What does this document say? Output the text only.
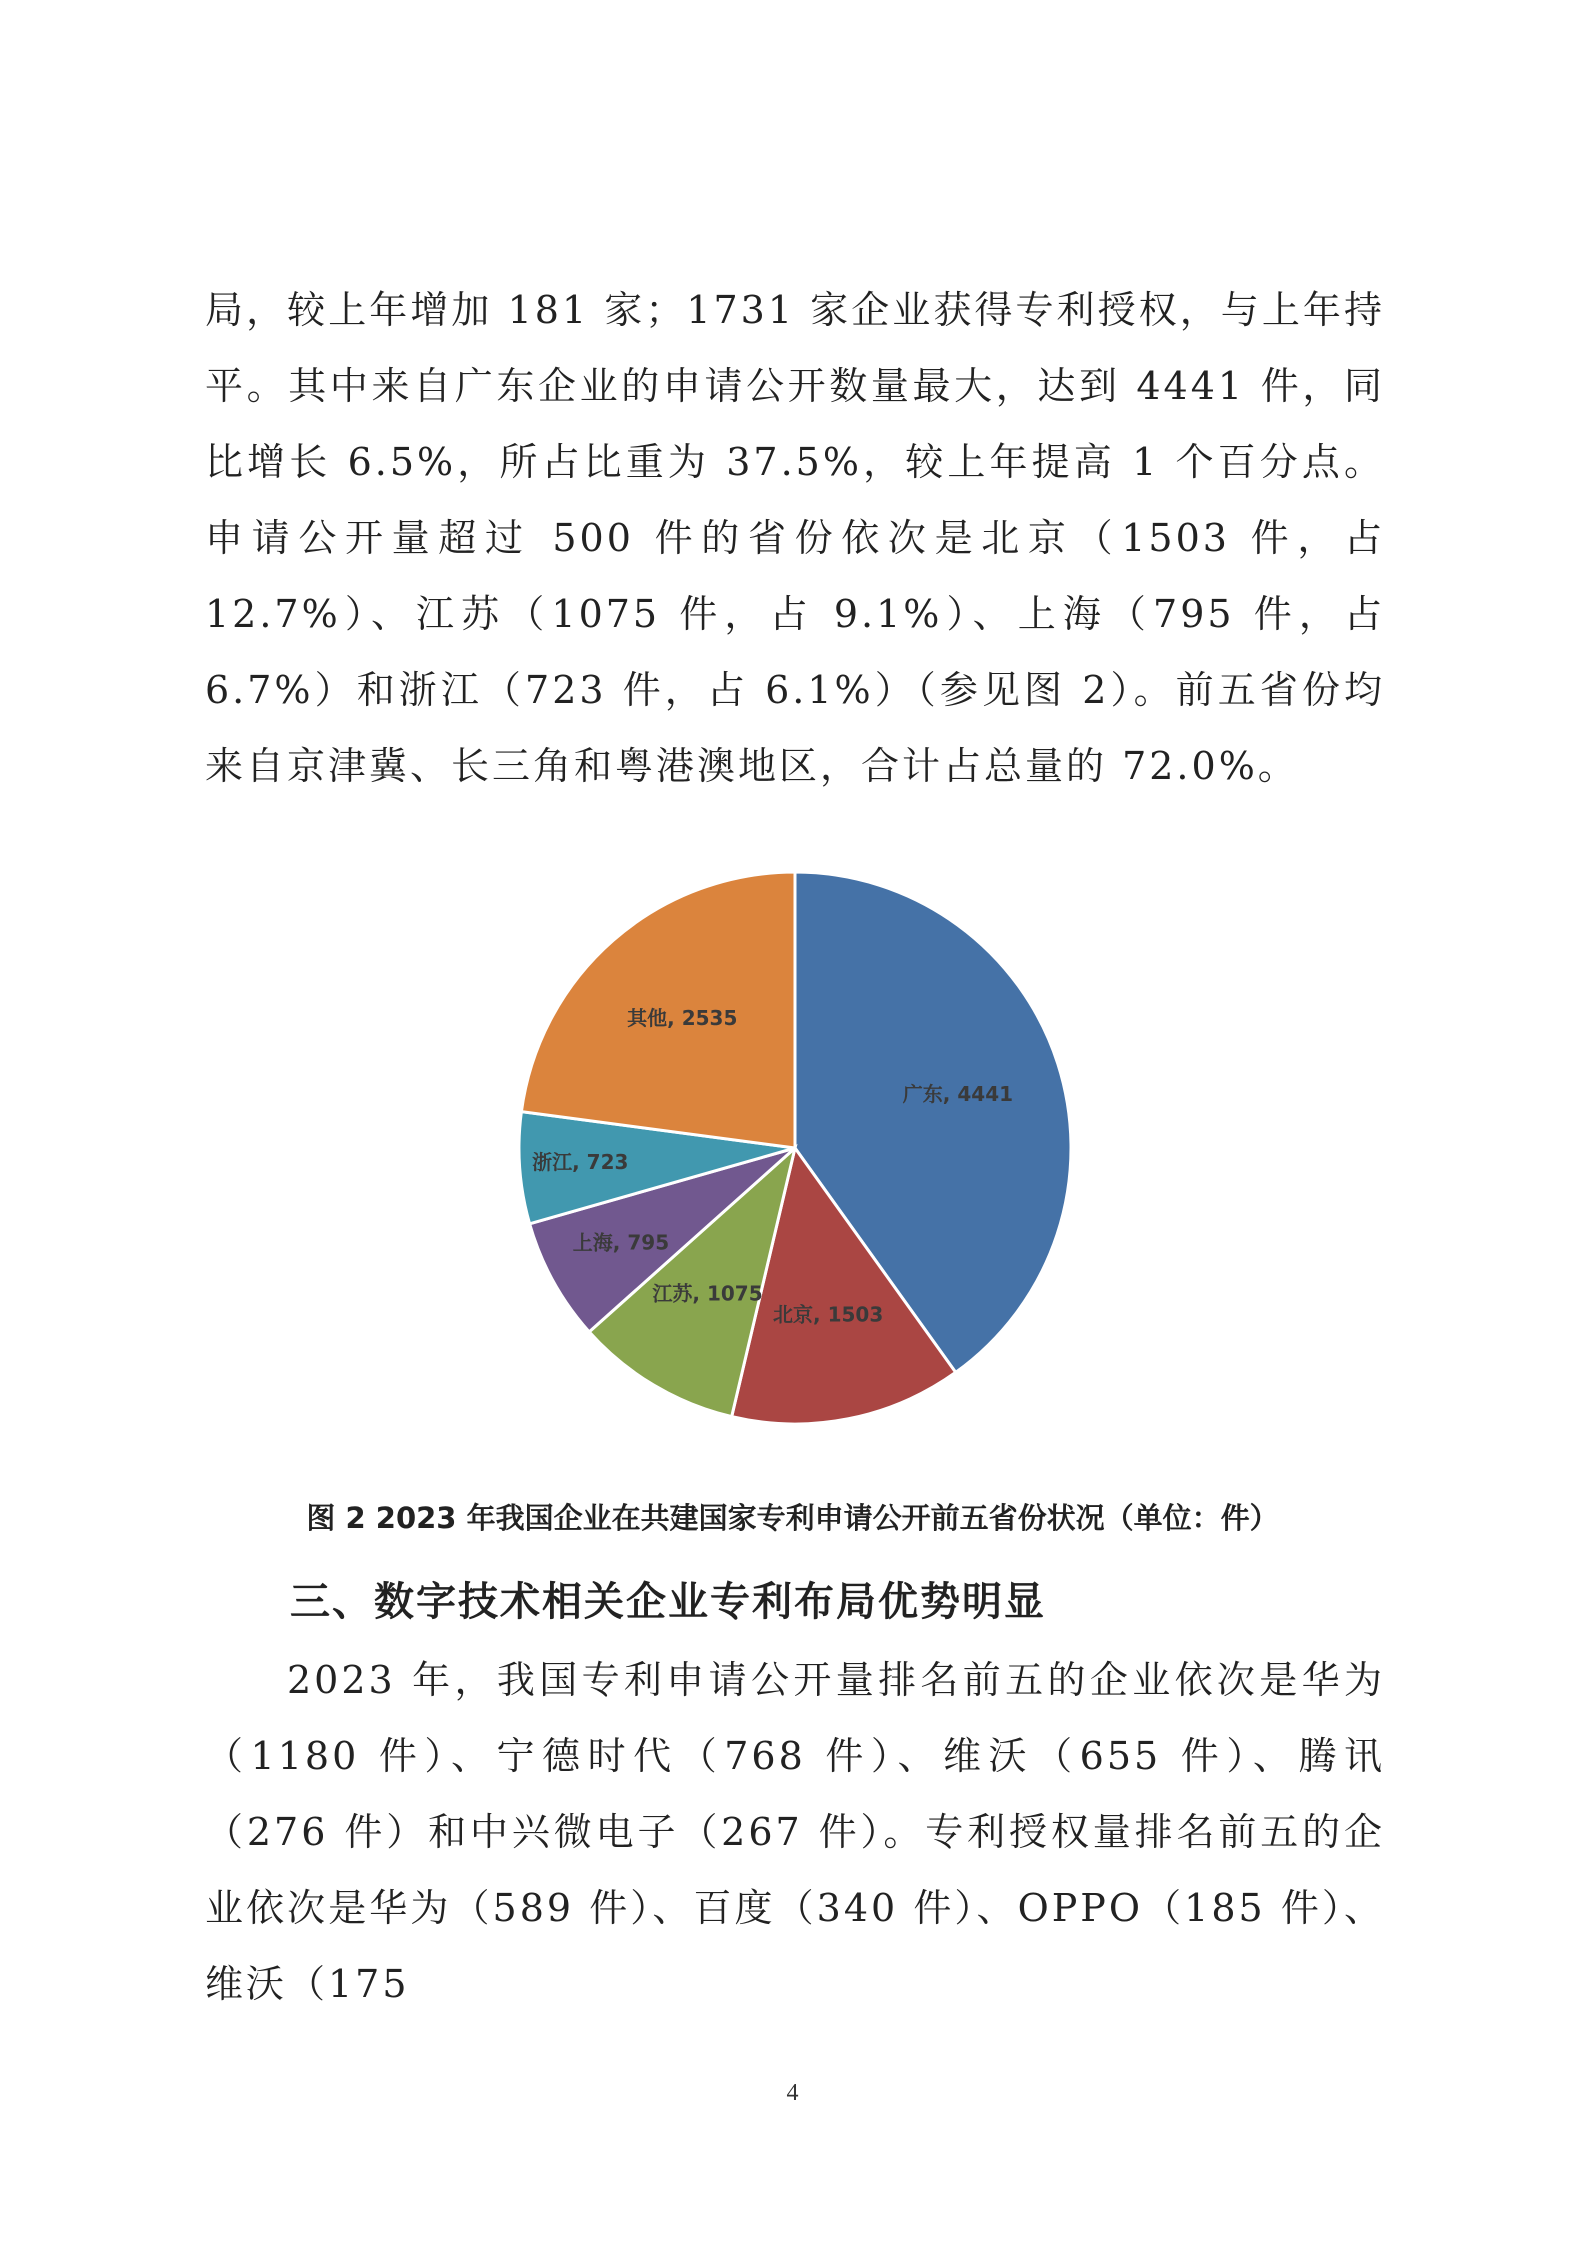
局，较上年增加 181 家；1731 家企业获得专利授权，与上年持平。其中来自广东企业的申请公开数量最大，达到 4441 件，同比增长 6.5%，所占比重为 37.5%，较上年提高 1 个百分点。申请公开量超过 500 件的省份依次是北京（1503 件，占 12.7%）、江苏（1075 件，占 9.1%）、上海（795 件，占 6.7%）和浙江（723 件，占 6.1%）（参见图 2）。前五省份均来自京津冀、长三角和粤港澳地区，合计占总量的 72.0%。

广东, 4441
北京, 1503
江苏, 1075
上海, 795
浙江, 723
其他, 2535
图 2 2023 年我国企业在共建国家专利申请公开前五省份状况（单位：件）
三、数字技术相关企业专利布局优势明显

2023 年，我国专利申请公开量排名前五的企业依次是华为（1180 件）、宁德时代（768 件）、维沃（655 件）、腾讯（276 件）和中兴微电子（267 件）。专利授权量排名前五的企业依次是华为（589 件）、百度（340 件）、OPPO（185 件）、维沃（175

4
